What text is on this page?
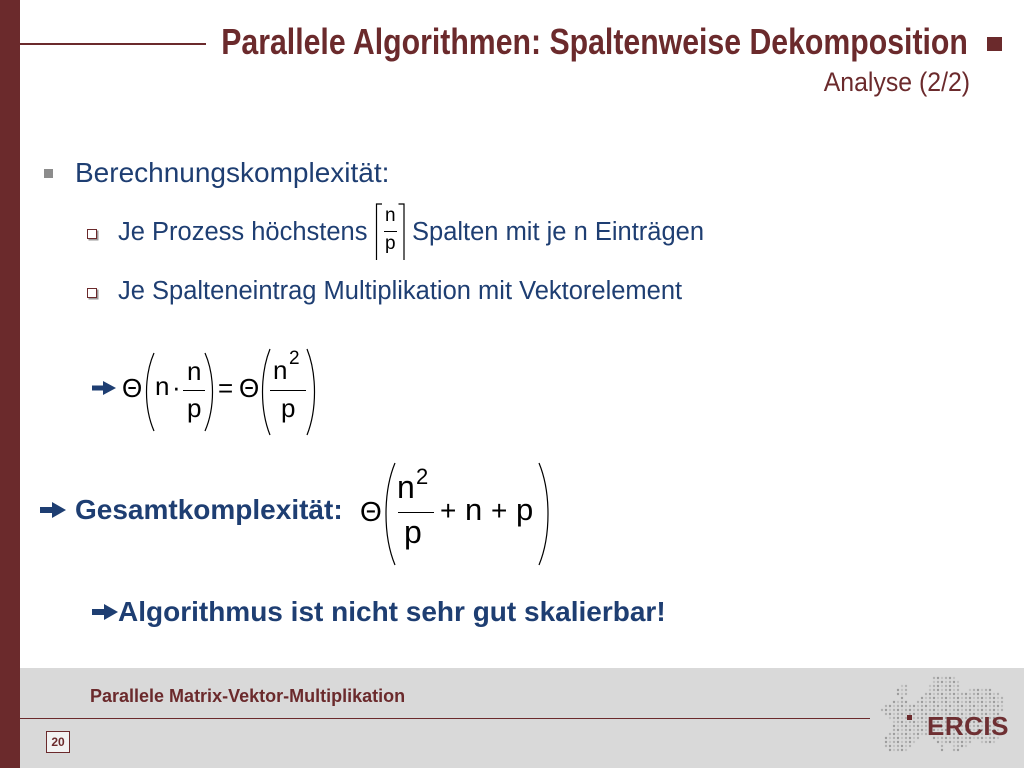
Parallele Algorithmen: Spaltenweise Dekomposition
Analyse (2/2)
Berechnungskomplexität:
Je Prozess höchstens
n
p Spalten mit je n Einträgen
Je Spalteneintrag Multiplikation mit Vektorelement
Θ n ·
n
p
= Θ
n 2
p
Gesamtkomplexität: Θ
n 2
p
+ n + p
Algorithmus ist nicht sehr gut skalierbar!
Parallele Matrix-Vektor-Multiplikation
20
ERCIS
